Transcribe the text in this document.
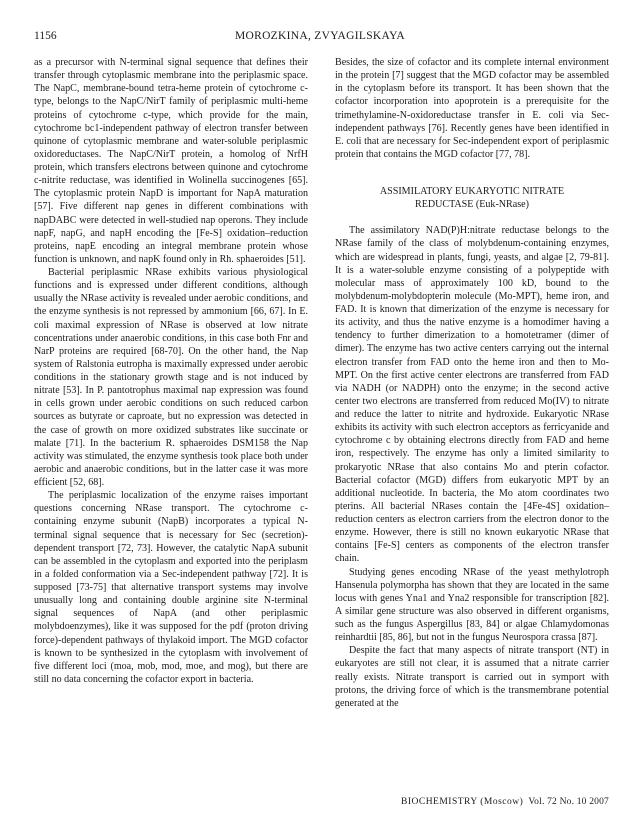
1156	MOROZKINA, ZVYAGILSKAYA

as a precursor with N-terminal signal sequence that defines their transfer through cytoplasmic membrane into the periplasmic space. The NapC, membrane-bound tetra-heme protein of cytochrome c-type, belongs to the NapC/NirT family of periplasmic multi-heme proteins of cytochrome c-type, which provide for the main, cytochrome bc1-independent pathway of electron transfer between quinone of cytoplasmic membrane and water-soluble periplasmic oxidoreductases. The NapC/NirT protein, a homolog of NrfH protein, which transfers electrons between quinone and cytochrome c-nitrite reductase, was identified in Wolinella succinogenes [65]. The cytoplasmic protein NapD is important for NapA maturation [57]. Five different nap genes in different combinations with napDABC were detected in well-studied nap operons. They include napF, napG, and napH encoding the [Fe-S] oxidation–reduction proteins, napE encoding an integral membrane protein whose function is unknown, and napK found only in Rh. sphaeroides [51].

Bacterial periplasmic NRase exhibits various physiological functions and is expressed under different conditions, although usually the NRase activity is revealed under aerobic conditions, and the enzyme synthesis is not repressed by ammonium [66, 67]. In E. coli maximal expression of NRase is observed at low nitrate concentrations under anaerobic conditions, in this case both Fnr and NarP proteins are required [68-70]. On the other hand, the Nap system of Ralstonia eutropha is maximally expressed under aerobic conditions in the stationary growth stage and is not induced by nitrate [53]. In P. pantotrophus maximal nap expression was found in cells grown under aerobic conditions on such reduced carbon sources as butyrate or caproate, but no expression was detected in the case of growth on more oxidized substrates like succinate or malate [71]. In the bacterium R. sphaeroides DSM158 the Nap activity was stimulated, the enzyme synthesis took place both under aerobic and anaerobic conditions, but in the latter case it was more efficient [52, 68].

The periplasmic localization of the enzyme raises important questions concerning NRase transport. The cytochrome c-containing enzyme subunit (NapB) incorporates a typical N-terminal signal sequence that is necessary for Sec (secretion)-dependent transport [72, 73]. However, the catalytic NapA subunit can be assembled in the cytoplasm and exported into the periplasm in a folded conformation via a Sec-independent pathway [72]. It is supposed [73-75] that alternative transport systems may involve unusually long and containing double arginine site N-terminal signal sequences of NapA (and other periplasmic molybdoenzymes), like it was supposed for the pdf (proton driving force)-dependent pathways of thylakoid import. The MGD cofactor is known to be synthesized in the cytoplasm with involvement of five different loci (moa, mob, mod, moe, and mog), but there are still no data concerning the cofactor export in bacteria.

Besides, the size of cofactor and its complete internal environment in the protein [7] suggest that the MGD cofactor may be assembled in the cytoplasm before its transport. It has been shown that the cofactor incorporation into apoprotein is a prerequisite for the trimethylamine-N-oxidoreductase transfer in E. coli via Sec-independent pathways [76]. Recently genes have been identified in E. coli that are necessary for Sec-independent export of periplasmic protein that contains the MGD cofactor [77, 78].

ASSIMILATORY EUKARYOTIC NITRATE
REDUCTASE (Euk-NRase)

The assimilatory NAD(P)H:nitrate reductase belongs to the NRase family of the class of molybdenum-containing enzymes, which are widespread in plants, fungi, yeasts, and algae [2, 79-81]. It is a water-soluble enzyme consisting of a polypeptide with molecular mass of approximately 100 kD, bound to the molybdenum-molybdopterin molecule (Mo-MPT), heme iron, and FAD. It is known that dimerization of the enzyme is necessary for its activity, and thus the native enzyme is a homodimer having a tendency to further dimerization to a homotetramer (dimer of dimer). The enzyme has two active centers carrying out the internal electron transfer from FAD onto the heme iron and then to Mo-MPT. On the first active center electrons are transferred from FAD via NADH (or NADPH) onto the enzyme; in the second active center two electrons are transferred from reduced Mo(IV) to nitrate and reduce the latter to nitrite and hydroxide. Eukaryotic NRase exhibits its activity with such electron acceptors as ferricyanide and cytochrome c by obtaining electrons directly from FAD and heme iron, respectively. The enzyme has only a limited similarity to prokaryotic NRase that also contains Mo and pterin cofactor. Bacterial cofactor (MGD) differs from eukaryotic MPT by an additional nucleotide. In bacteria, the Mo atom coordinates two pterins. All bacterial NRases contain the [4Fe-4S] oxidation–reduction centers as electron carriers from the electron donor to the enzyme. However, there is still no known eukaryotic NRase that contains [Fe-S] centers as components of the electron transfer chain.

Studying genes encoding NRase of the yeast methylotroph Hansenula polymorpha has shown that they are located in the same locus with genes Yna1 and Yna2 responsible for transcription [82]. A similar gene structure was also observed in different organisms, such as the fungus Aspergillus [83, 84] or algae Chlamydomonas reinhardtii [85, 86], but not in the fungus Neurospora crassa [87].

Despite the fact that many aspects of nitrate transport (NT) in eukaryotes are still not clear, it is assumed that a nitrate carrier really exists. Nitrate transport is carried out in symport with protons, the driving force of which is the transmembrane potential generated at the

BIOCHEMISTRY (Moscow) Vol. 72 No. 10 2007
